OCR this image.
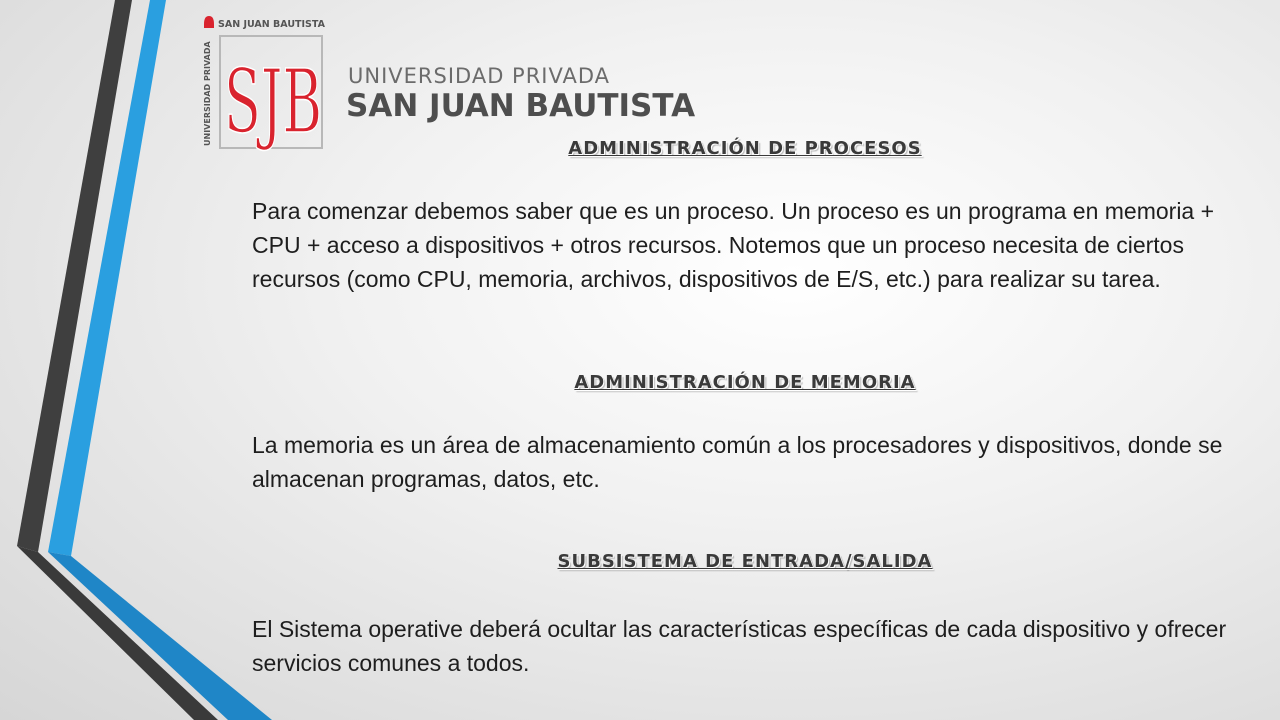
SAN JUAN BAUTISTA
UNIVERSIDAD PRIVADA SJB UNIVERSIDAD PRIVADA
SAN JUAN BAUTISTA
ADMINISTRACIÓN DE PROCESOS
Para comenzar debemos saber que es un proceso. Un proceso es un programa en memoria + CPU + acceso a dispositivos + otros recursos. Notemos que un proceso necesita de ciertos recursos (como CPU, memoria, archivos, dispositivos de E/S, etc.) para realizar su tarea.
ADMINISTRACIÓN DE MEMORIA
La memoria es un área de almacenamiento común a los procesadores y dispositivos, donde se almacenan programas, datos, etc.
SUBSISTEMA DE ENTRADA/SALIDA
El Sistema operative deberá ocultar las características específicas de cada dispositivo y ofrecer servicios comunes a todos.
